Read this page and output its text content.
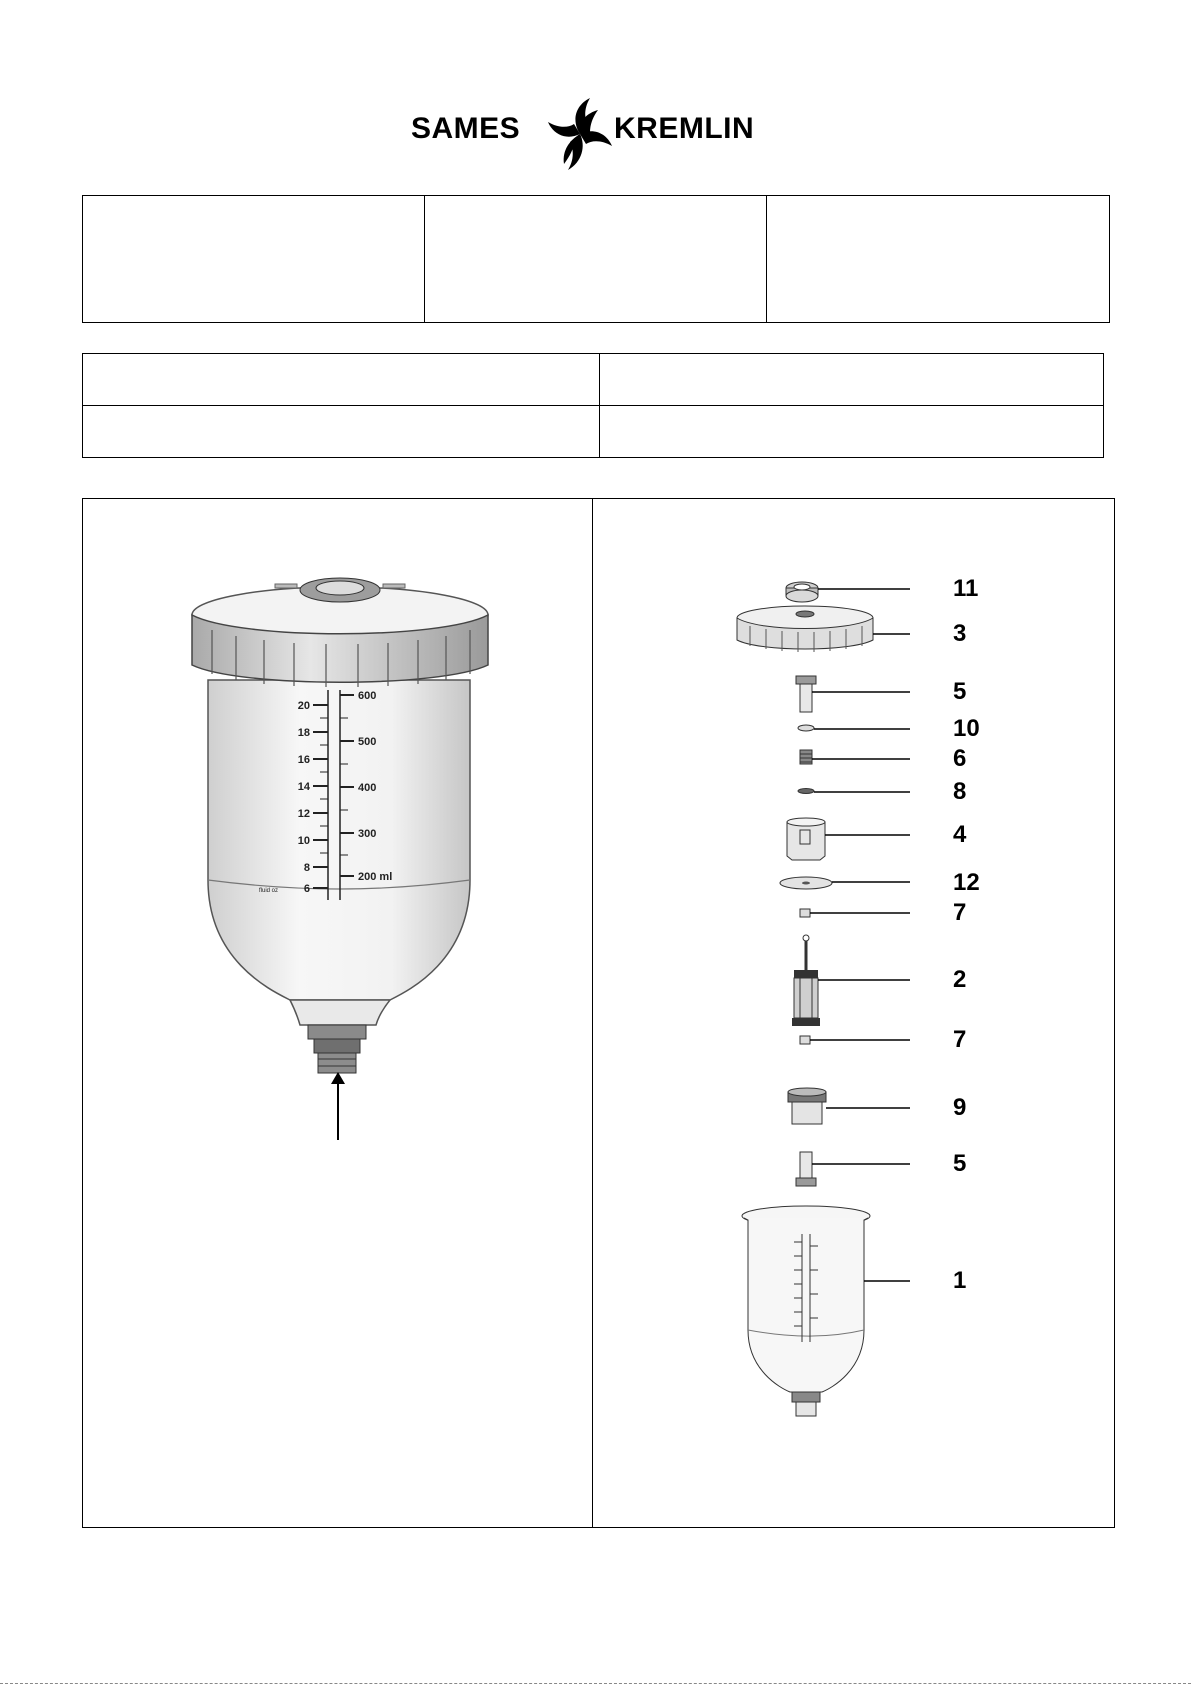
SAMES	KREMLIN
20
18
16
14
12
10
8
6
fluid oz
600
500
400
300
200 ml
11
3
5
10
6
8
4
12
7
2
7
9
5
1
